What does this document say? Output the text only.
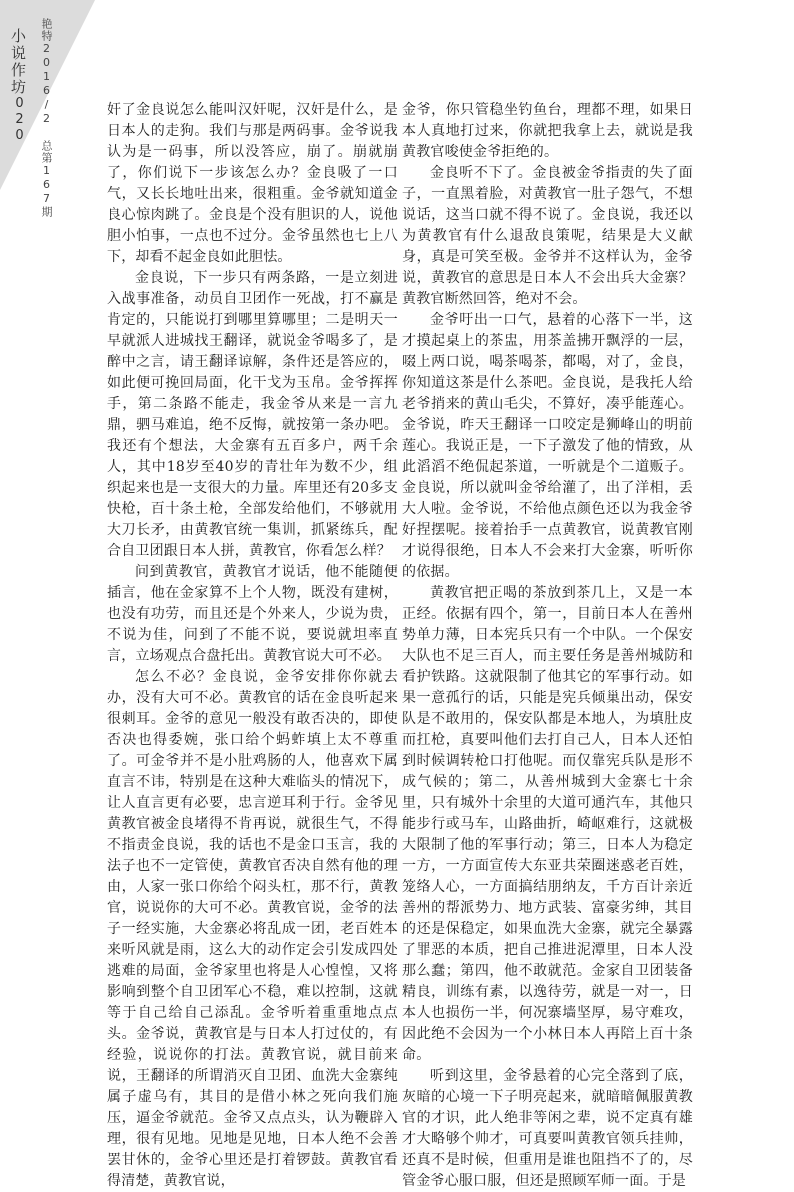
小说作坊
020 艳特2016/2 总第167期	奸了金良说怎么能叫汉奸呢，汉奸是什么，是日本人的走狗。我们与那是两码事。金爷说我认为是一码事，所以没答应，崩了。崩就崩了，你们说下一步该怎么办？金良吸了一口气，又长长地吐出来，很粗重。金爷就知道金良心惊肉跳了。金良是个没有胆识的人，说他胆小怕事，一点也不过分。金爷虽然也七上八下，却看不起金良如此胆怯。

金良说，下一步只有两条路，一是立刻进入战事准备，动员自卫团作一死战，打不赢是肯定的，只能说打到哪里算哪里；二是明天一早就派人进城找王翻译，就说金爷喝多了，是醉中之言，请王翻译谅解，条件还是答应的，如此便可挽回局面，化干戈为玉帛。金爷挥挥手，第二条路不能走，我金爷从来是一言九鼎，驷马难追，绝不反悔，就按第一条办吧。我还有个想法，大金寨有五百多户，两千余人，其中18岁至40岁的青壮年为数不少，组织起来也是一支很大的力量。库里还有20多支快枪，百十条土枪，全部发给他们，不够就用大刀长矛，由黄教官统一集训，抓紧练兵，配合自卫团跟日本人拼，黄教官，你看怎么样？

问到黄教官，黄教官才说话，他不能随便插言，他在金家算不上个人物，既没有建树，也没有功劳，而且还是个外来人，少说为贵，不说为佳，问到了不能不说，要说就坦率直言，立场观点合盘托出。黄教官说大可不必。

怎么不必？金良说，金爷安排你你就去办，没有大可不必。黄教官的话在金良听起来很刺耳。金爷的意见一般没有敢否决的，即使否决也得委婉，张口给个蚂蚱填上太不尊重了。可金爷并不是小肚鸡肠的人，他喜欢下属直言不讳，特别是在这种大难临头的情况下，让人直言更有必要，忠言逆耳利于行。金爷见黄教官被金良堵得不肯再说，就很生气，不得不指责金良说，我的话也不是金口玉言，我的法子也不一定管使，黄教官否决自然有他的理由，人家一张口你给个闷头杠，那不行，黄教官，说说你的大可不必。黄教官说，金爷的法子一经实施，大金寨必将乱成一团，老百姓本来听风就是雨，这么大的动作定会引发成四处逃难的局面，金爷家里也将是人心惶惶，又将影响到整个自卫团军心不稳，难以控制，这就等于自己给自己添乱。金爷听着重重地点点头。金爷说，黄教官是与日本人打过仗的，有经验，说说你的打法。黄教官说，就目前来说，王翻译的所谓消灭自卫团、血洗大金寨纯属子虚乌有，其目的是借小林之死向我们施压，逼金爷就范。金爷又点点头，认为鞭辟入理，很有见地。见地是见地，日本人绝不会善罢甘休的，金爷心里还是打着锣鼓。黄教官看得清楚，黄教官说，

金爷，你只管稳坐钓鱼台，理都不理，如果日本人真地打过来，你就把我拿上去，就说是我黄教官唆使金爷拒绝的。

金良听不下了。金良被金爷指责的失了面子，一直黑着脸，对黄教官一肚子怨气，不想说话，这当口就不得不说了。金良说，我还以为黄教官有什么退敌良策呢，结果是大义献身，真是可笑至极。金爷并不这样认为，金爷说，黄教官的意思是日本人不会出兵大金寨？黄教官断然回答，绝对不会。

金爷吁出一口气，悬着的心落下一半，这才摸起桌上的茶盅，用茶盖拂开飘浮的一层，啜上两口说，喝茶喝茶，都喝，对了，金良，你知道这茶是什么茶吧。金良说，是我托人给老爷捎来的黄山毛尖，不算好，凑乎能莲心。金爷说，昨天王翻译一口咬定是狮峰山的明前莲心。我说正是，一下子激发了他的情致，从此滔滔不绝侃起茶道，一听就是个二道贩子。金良说，所以就叫金爷给灌了，出了洋相，丢大人啦。金爷说，不给他点颜色还以为我金爷好捏摆呢。接着抬手一点黄教官，说黄教官刚才说得很绝，日本人不会来打大金寨，听听你的依据。

黄教官把正喝的茶放到茶几上，又是一本正经。依据有四个，第一，目前日本人在善州势单力薄，日本宪兵只有一个中队。一个保安大队也不足三百人，而主要任务是善州城防和看护铁路。这就限制了他其它的军事行动。如果一意孤行的话，只能是宪兵倾巢出动，保安队是不敢用的，保安队都是本地人，为填肚皮而扛枪，真要叫他们去打自己人，日本人还怕到时候调转枪口打他呢。而仅靠宪兵队是形不成气候的；第二，从善州城到大金寨七十余里，只有城外十余里的大道可通汽车，其他只能步行或马车，山路曲折，崎岖难行，这就极大限制了他的军事行动；第三，日本人为稳定一方，一方面宣传大东亚共荣圈迷惑老百姓，笼络人心，一方面搞结朋纳友，千方百计亲近善州的帮派势力、地方武装、富豪劣绅，其目的还是保稳定，如果血洗大金寨，就完全暴露了罪恶的本质，把自己推进泥潭里，日本人没那么蠢；第四，他不敢就范。金家自卫团装备精良，训练有素，以逸待劳，就是一对一，日本人也损伤一半，何况寨墙坚厚，易守难攻，因此绝不会因为一个小林日本人再陪上百十条命。

听到这里，金爷悬着的心完全落到了底，灰暗的心境一下子明亮起来，就暗暗佩服黄教官的才识，此人绝非等闲之辈，说不定真有雄才大略够个帅才，可真要叫黄教官领兵挂帅，还真不是时候，但重用是谁也阻挡不了的，尽管金爷心服口服，但还是照顾军师一面。于是
